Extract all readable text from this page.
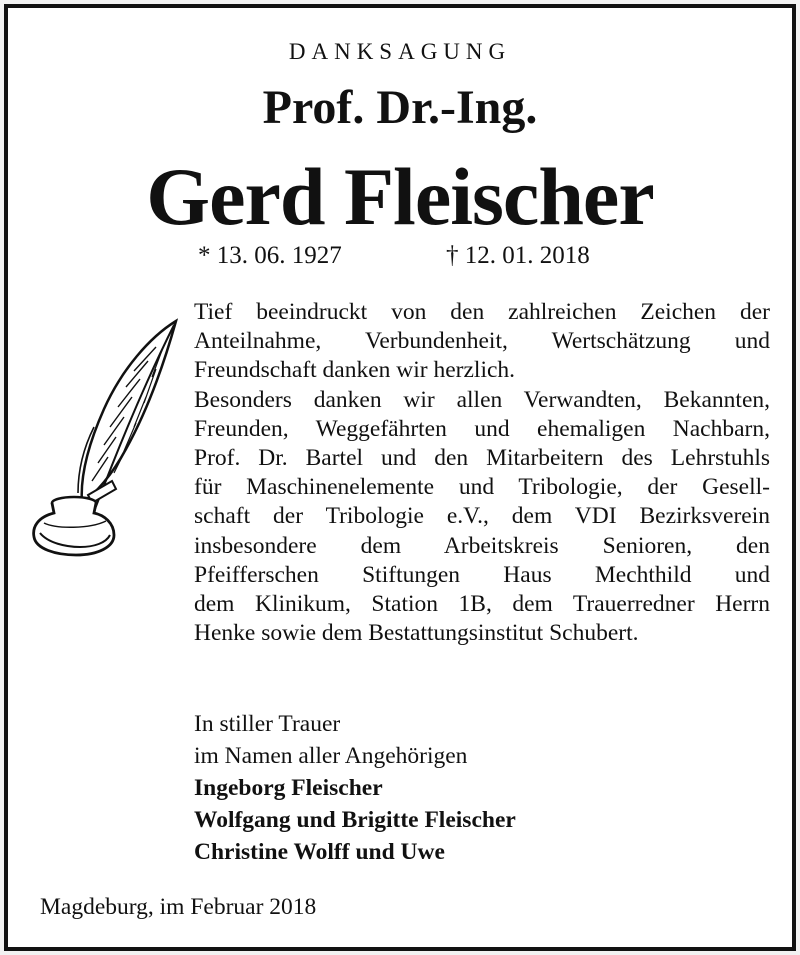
DANKSAGUNG
Prof. Dr.-Ing.
Gerd Fleischer
* 13. 06. 1927	† 12. 01. 2018
Tief beeindruckt von den zahlreichen Zeichen der
Anteilnahme, Verbundenheit, Wertschätzung und
Freundschaft danken wir herzlich.
Besonders danken wir allen Verwandten, Bekannten,
Freunden, Weggefährten und ehemaligen Nachbarn,
Prof. Dr. Bartel und den Mitarbeitern des Lehrstuhls
für Maschinenelemente und Tribologie, der Gesell-
schaft der Tribologie e.V., dem VDI Bezirksverein
insbesondere dem Arbeitskreis Senioren, den
Pfeifferschen Stiftungen Haus Mechthild und
dem Klinikum, Station 1B, dem Trauerredner Herrn
Henke sowie dem Bestattungsinstitut Schubert.
In stiller Trauer
im Namen aller Angehörigen
Ingeborg Fleischer
Wolfgang und Brigitte Fleischer
Christine Wolff und Uwe
Magdeburg, im Februar 2018
